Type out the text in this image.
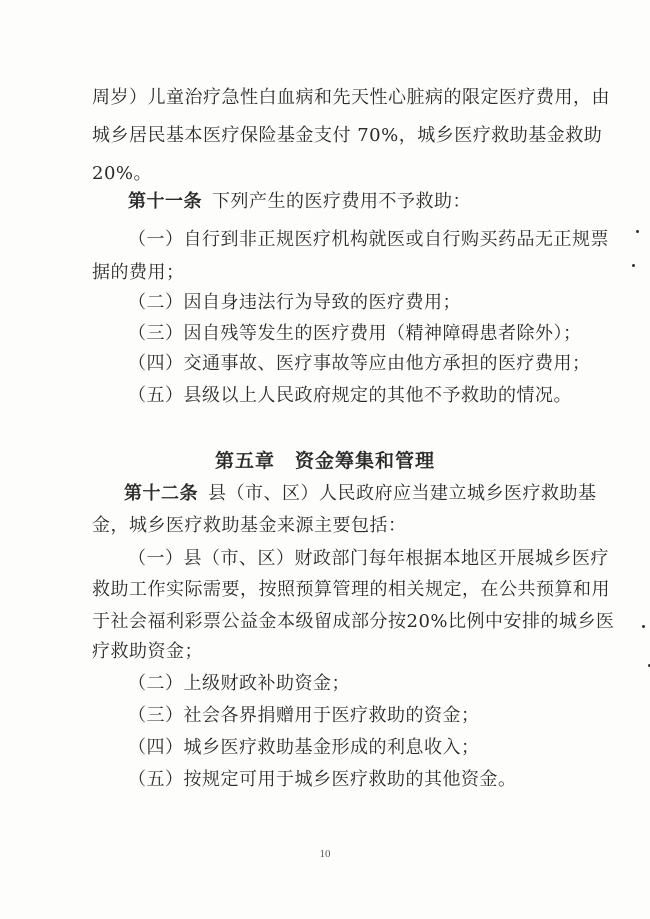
周岁）儿童治疗急性白血病和先天性心脏病的限定医疗费用，由
城乡居民基本医疗保险基金支付 70%，城乡医疗救助基金救助
20%。
第十一条 下列产生的医疗费用不予救助：
（一）自行到非正规医疗机构就医或自行购买药品无正规票
据的费用；
（二）因自身违法行为导致的医疗费用；
（三）因自残等发生的医疗费用（精神障碍患者除外）；
（四）交通事故、医疗事故等应由他方承担的医疗费用；
（五）县级以上人民政府规定的其他不予救助的情况。
第五章　资金筹集和管理
第十二条 县（市、区）人民政府应当建立城乡医疗救助基
金，城乡医疗救助基金来源主要包括：
（一）县（市、区）财政部门每年根据本地区开展城乡医疗
救助工作实际需要，按照预算管理的相关规定，在公共预算和用
于社会福利彩票公益金本级留成部分按20%比例中安排的城乡医
疗救助资金；
（二）上级财政补助资金；
（三）社会各界捐赠用于医疗救助的资金；
（四）城乡医疗救助基金形成的利息收入；
（五）按规定可用于城乡医疗救助的其他资金。
10
